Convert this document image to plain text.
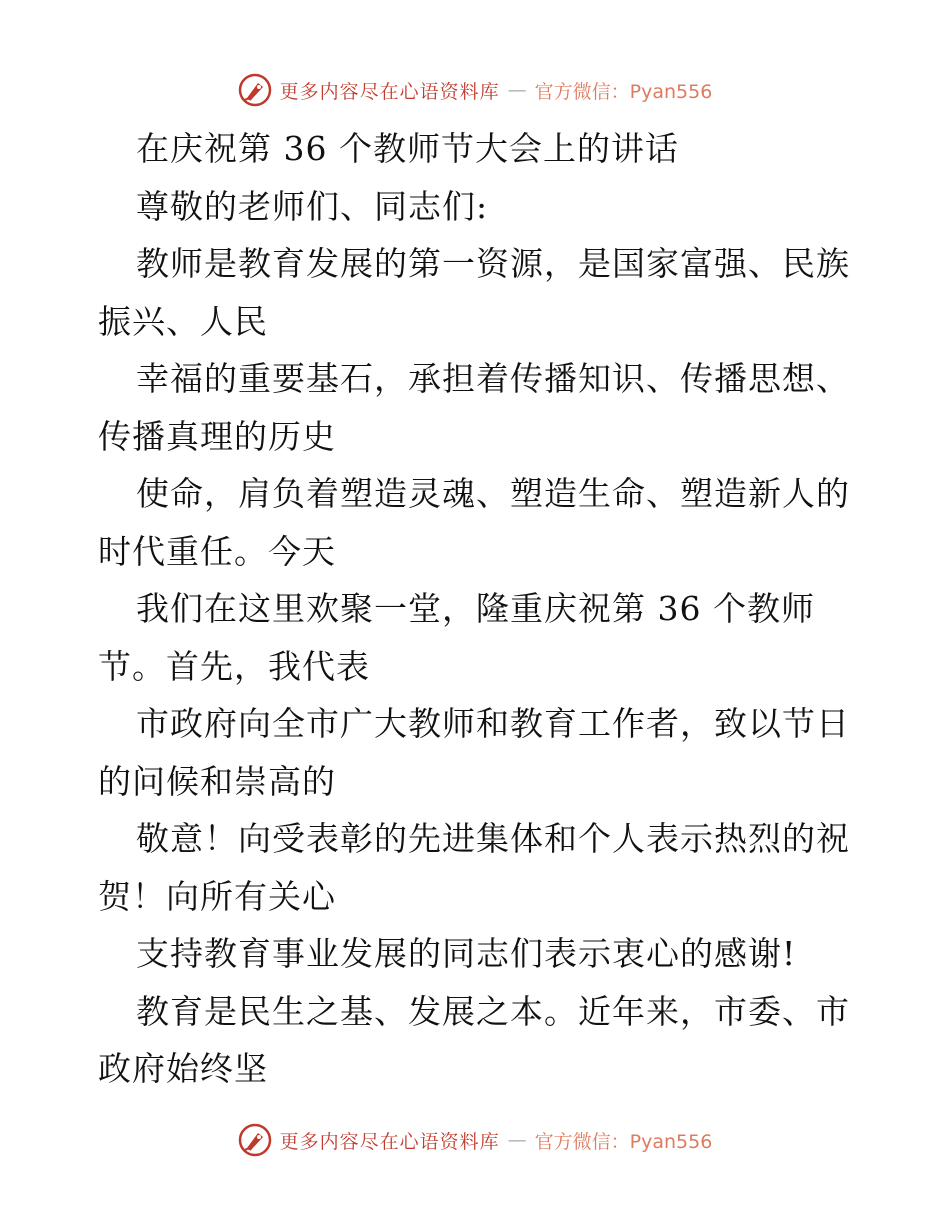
更多内容尽在心语资料库 — 官方微信：Pyan556
在庆祝第 36 个教师节大会上的讲话
尊敬的老师们、同志们:
教师是教育发展的第一资源，是国家富强、民族
振兴、人民
幸福的重要基石，承担着传播知识、传播思想、
传播真理的历史
使命，肩负着塑造灵魂、塑造生命、塑造新人的
时代重任。今天
我们在这里欢聚一堂，隆重庆祝第 36 个教师
节。首先，我代表
市政府向全市广大教师和教育工作者，致以节日
的问候和崇高的
敬意！向受表彰的先进集体和个人表示热烈的祝
贺！向所有关心
支持教育事业发展的同志们表示衷心的感谢!
教育是民生之基、发展之本。近年来，市委、市
政府始终坚
更多内容尽在心语资料库 — 官方微信：Pyan556
